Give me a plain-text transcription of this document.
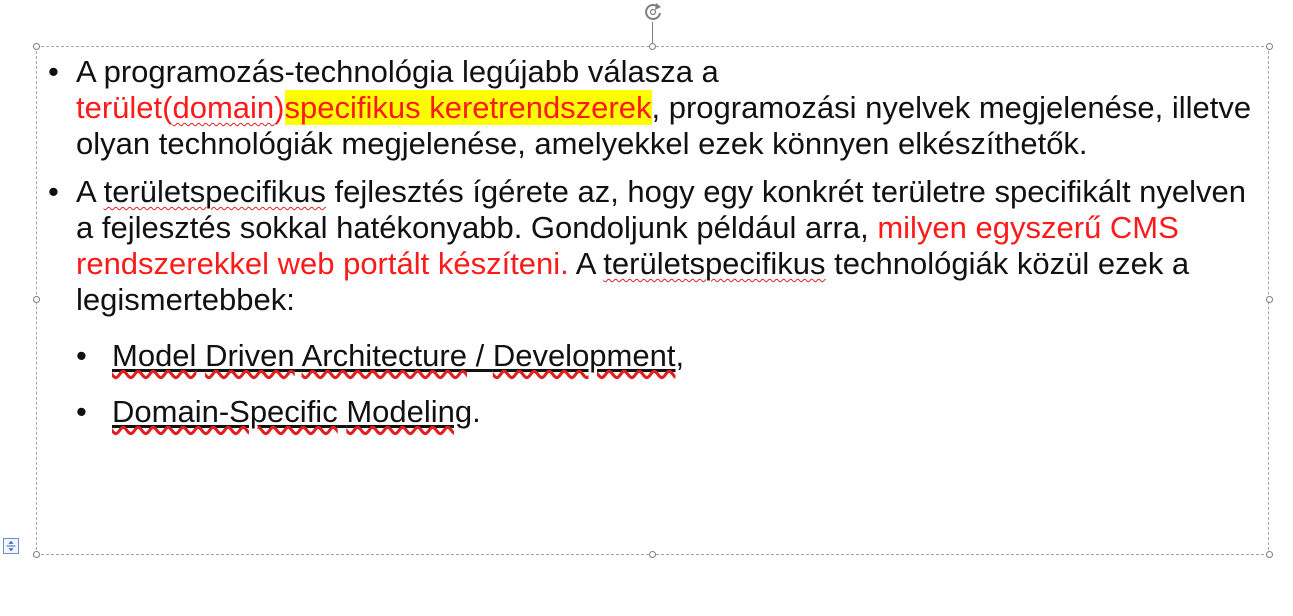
• A programozás-technológia legújabb válasza a
terület(domain)specifikus keretrendszerek, programozási nyelvek megjelenése, illetve olyan technológiák megjelenése, amelyekkel ezek könnyen elkészíthetők.
• A területspecifikus fejlesztés ígérete az, hogy egy konkrét területre specifikált nyelven a fejlesztés sokkal hatékonyabb. Gondoljunk például arra, milyen egyszerű CMS rendszerekkel web portált készíteni. A területspecifikus technológiák közül ezek a legismertebbek:
• Model Driven Architecture / Development,
• Domain-Specific Modeling.
